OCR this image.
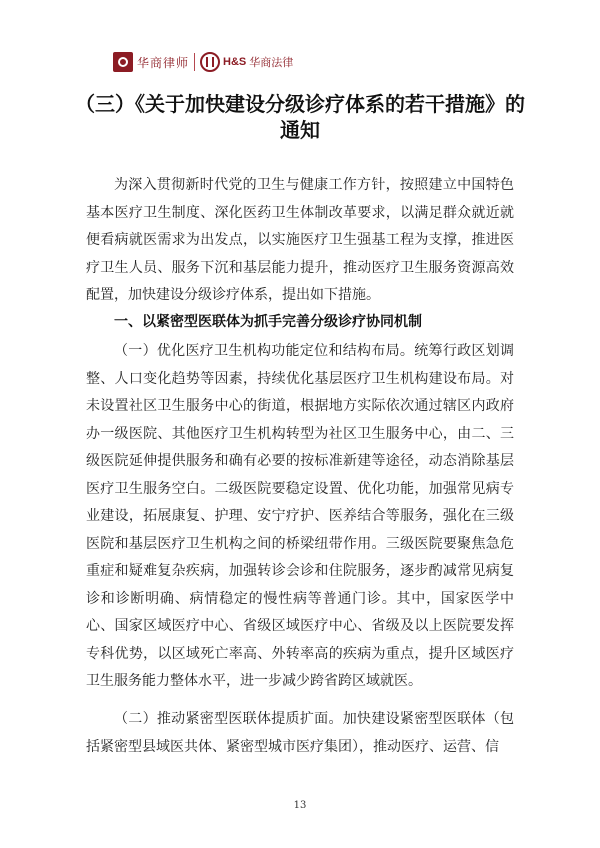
华商律师	H&S 华商法律
（三）《关于加快建设分级诊疗体系的若干措施》的
通知

为深入贯彻新时代党的卫生与健康工作方针，按照建立中国特色基本医疗卫生制度、深化医药卫生体制改革要求，以满足群众就近就便看病就医需求为出发点，以实施医疗卫生强基工程为支撑，推进医疗卫生人员、服务下沉和基层能力提升，推动医疗卫生服务资源高效配置，加快建设分级诊疗体系，提出如下措施。

一、以紧密型医联体为抓手完善分级诊疗协同机制

（一）优化医疗卫生机构功能定位和结构布局。统筹行政区划调整、人口变化趋势等因素，持续优化基层医疗卫生机构建设布局。对未设置社区卫生服务中心的街道，根据地方实际依次通过辖区内政府办一级医院、其他医疗卫生机构转型为社区卫生服务中心，由二、三级医院延伸提供服务和确有必要的按标准新建等途径，动态消除基层医疗卫生服务空白。二级医院要稳定设置、优化功能，加强常见病专业建设，拓展康复、护理、安宁疗护、医养结合等服务，强化在三级医院和基层医疗卫生机构之间的桥梁纽带作用。三级医院要聚焦急危重症和疑难复杂疾病，加强转诊会诊和住院服务，逐步酌减常见病复诊和诊断明确、病情稳定的慢性病等普通门诊。其中，国家医学中心、国家区域医疗中心、省级区域医疗中心、省级及以上医院要发挥专科优势，以区域死亡率高、外转率高的疾病为重点，提升区域医疗卫生服务能力整体水平，进一步减少跨省跨区域就医。

（二）推动紧密型医联体提质扩面。加快建设紧密型医联体（包括紧密型县域医共体、紧密型城市医疗集团），推动医疗、运营、信

13
